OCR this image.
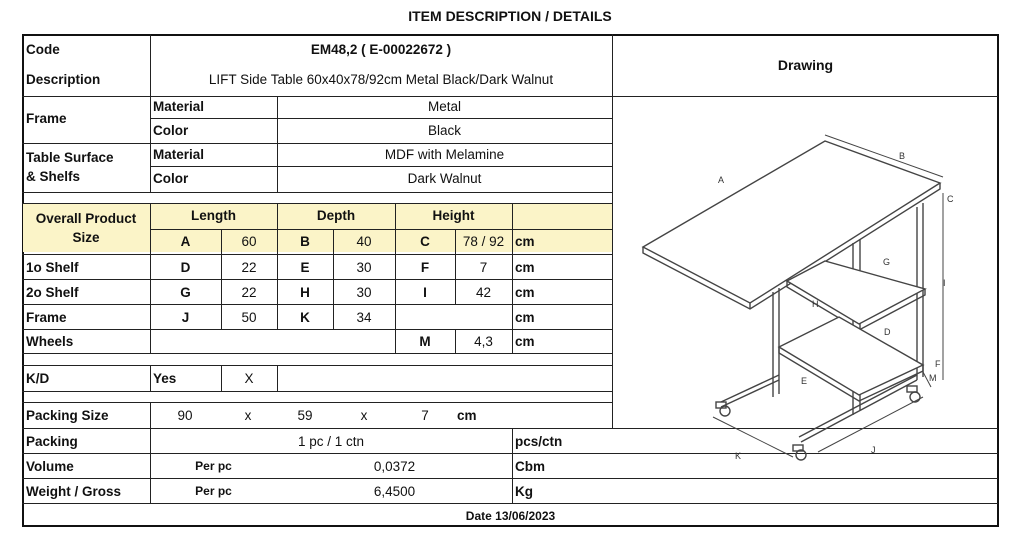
ITEM DESCRIPTION / DETAILS
Code	EM48,2 ( E-00022672 )
Description	LIFT Side Table 60x40x78/92cm Metal Black/Dark Walnut
Frame
Material	Metal
Color	Black
Table Surface
& Shelfs
Material	MDF with Melamine
Color	Dark Walnut
Overall Product
Size
Length	Depth	Height
A	60	B	40	C	78 / 92 cm
1o Shelf	D	22	E	30	F	7	cm
2o Shelf	G	22	H	30	I	42	cm
Frame	J	50	K	34	cm
Wheels	M	4,3	cm
K/D	Yes	X
Packing Size	90	x	59	x	7	cm
Packing	1 pc / 1 ctn	pcs/ctn
Volume	Per pc	0,0372	Cbm
Weight / Gross	Per pc	6,4500	Kg
Date 13/06/2023
Drawing
A
B
C
D
E
F
G
H
I
J
K
M
